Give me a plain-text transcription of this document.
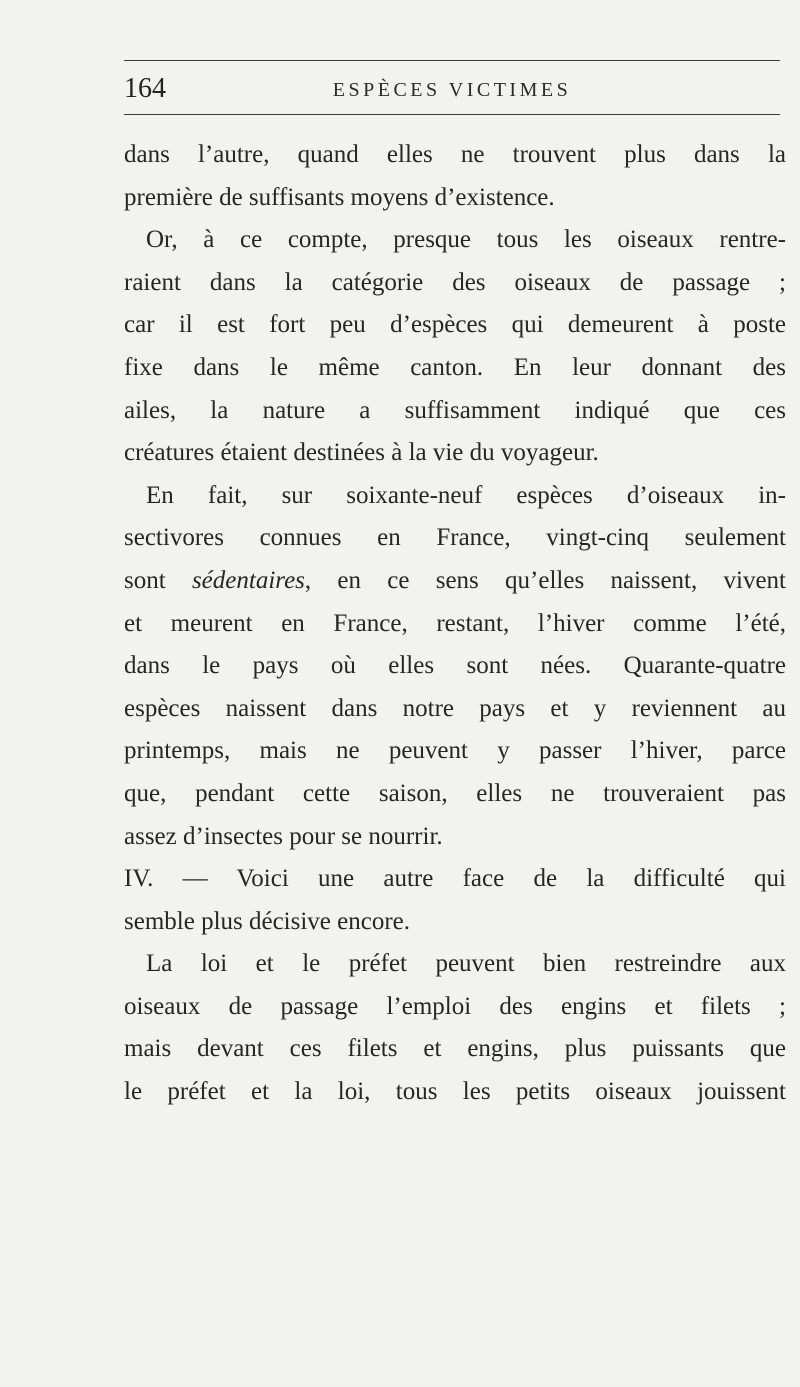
164	ESPÈCES VICTIMES
dans l’autre, quand elles ne trouvent plus dans la
première de suffisants moyens d’existence.
Or, à ce compte, presque tous les oiseaux rentre-
raient dans la catégorie des oiseaux de passage ;
car il est fort peu d’espèces qui demeurent à poste
fixe dans le même canton. En leur donnant des
ailes, la nature a suffisamment indiqué que ces
créatures étaient destinées à la vie du voyageur.
En fait, sur soixante-neuf espèces d’oiseaux in-
sectivores connues en France, vingt-cinq seulement
sont sédentaires, en ce sens qu’elles naissent, vivent
et meurent en France, restant, l’hiver comme l’été,
dans le pays où elles sont nées. Quarante-quatre
espèces naissent dans notre pays et y reviennent au
printemps, mais ne peuvent y passer l’hiver, parce
que, pendant cette saison, elles ne trouveraient pas
assez d’insectes pour se nourrir.
IV. — Voici une autre face de la difficulté qui
semble plus décisive encore.
La loi et le préfet peuvent bien restreindre aux
oiseaux de passage l’emploi des engins et filets ;
mais devant ces filets et engins, plus puissants que
le préfet et la loi, tous les petits oiseaux jouissent
